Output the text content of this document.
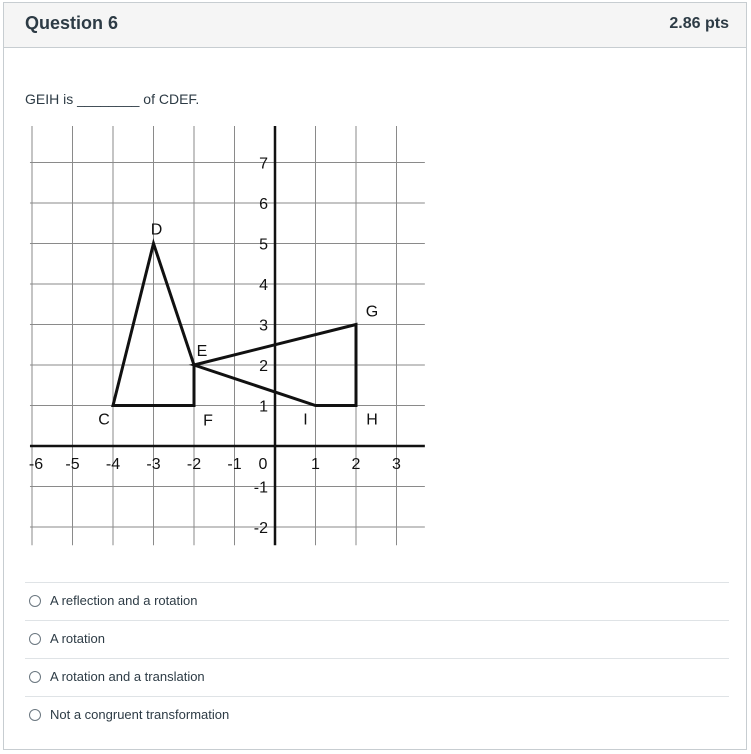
Question 6	2.86 pts
GEIH is ________ of CDEF.
-6 -5 -4 -3 -2 -1 0	1 2 3
7
6
5
4
3
2
1
-1
-2
C
D
E
F
G
H
I
A reflection and a rotation
A rotation
A rotation and a translation
Not a congruent transformation
